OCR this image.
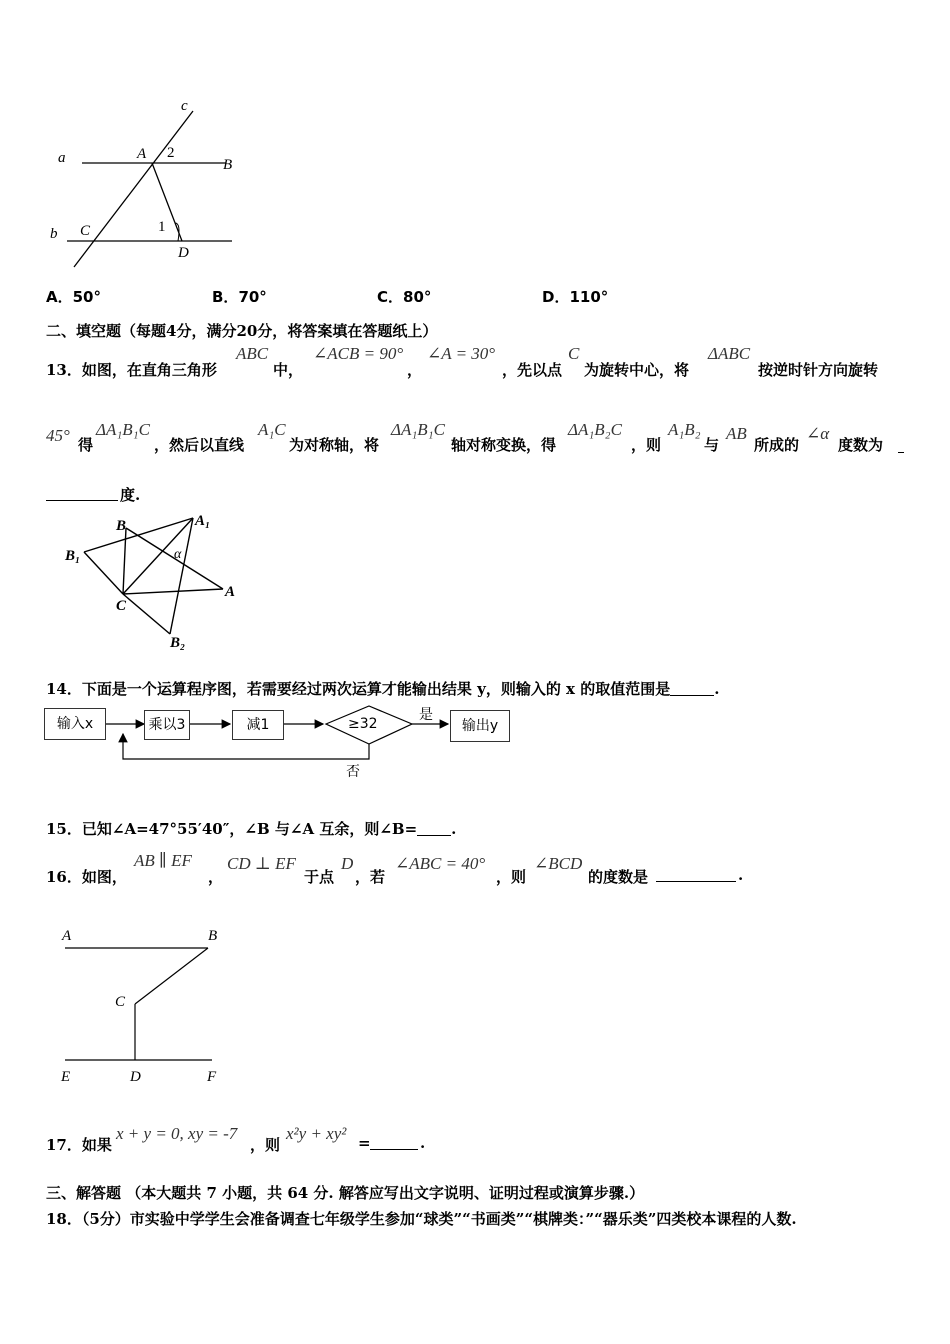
c
a	A 2
B
b C	1
D
A．50°	B．70°	C．80°	D．110°
二、填空题（每题4分，满分20分，将答案填在答题纸上）
13．如图，在直角三角形
ABC
中，
∠ACB = 90°
，
∠A = 30°
，先以点
C
为旋转中心，将
ΔABC
按逆时针方向旋转
45° 得
ΔA₁B₁C
，然后以直线
A₁C
为对称轴，将
ΔA₁B₁C
轴对称变换，得
ΔA₁B₂C
，则
A₁B₂
与
AB
所成的
∠α
度数为
度.
B	A₁
B₁	α
C
A
B₂
14．下面是一个运算程序图，若需要经过两次运算才能输出结果 y，则输入的 x 的取值范围是	.
输入x	乘以3	减1	≥32
是
输出y
否
15．已知∠A=47°55′40″，∠B 与∠A 互余，则∠B= .
16．如图，
AB ∥ EF
，
CD ⊥ EF
于点
D
，若
∠ABC = 40°
，则
∠BCD
的度数是	.
A	B
C
E	D	F
17．如果
x + y = 0, xy = -7
，则
x²y + xy² =	.
三、解答题 （本大题共 7 小题，共 64 分. 解答应写出文字说明、证明过程或演算步骤.）
18．（5分）市实验中学学生会准备调查七年级学生参加“球类”“书画类”“棋牌类：”“器乐类”四类校本课程的人数.
